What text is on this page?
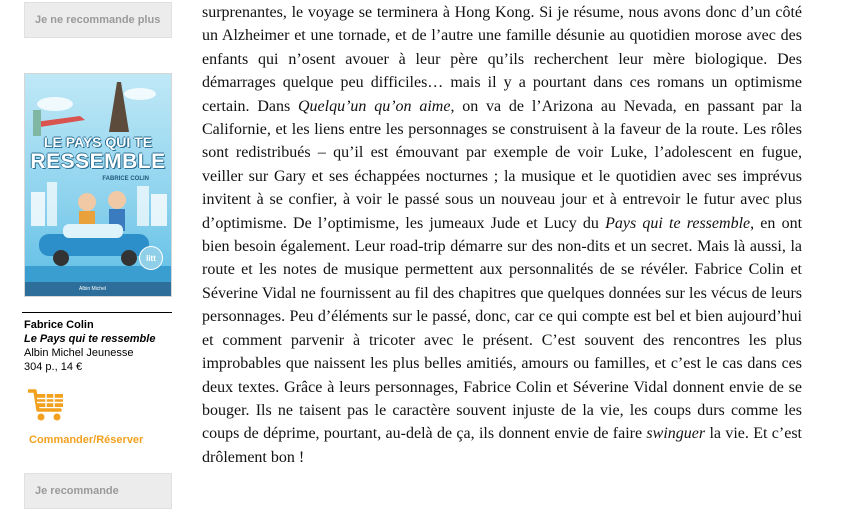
Je ne recommande plus
LE PAYS QUI TE
RESSEMBLE
FABRICE COLIN
litt
Albin Michel
Fabrice Colin
Le Pays qui te ressemble
Albin Michel Jeunesse
304 p., 14 €
Commander/Réserver
Je recommande

surprenantes, le voyage se terminera à Hong Kong. Si je résume, nous avons donc d’un côté un Alzheimer et une tornade, et de l’autre une famille désunie au quotidien morose avec des enfants qui n’osent avouer à leur père qu’ils recherchent leur mère biologique. Des démarrages quelque peu difficiles… mais il y a pourtant dans ces romans un optimisme certain. Dans Quelqu’un qu’on aime, on va de l’Arizona au Nevada, en passant par la Californie, et les liens entre les personnages se construisent à la faveur de la route. Les rôles sont redistribués – qu’il est émouvant par exemple de voir Luke, l’adolescent en fugue, veiller sur Gary et ses échappées nocturnes ; la musique et le quotidien avec ses imprévus invitent à se confier, à voir le passé sous un nouveau jour et à entrevoir le futur avec plus d’optimisme. De l’optimisme, les jumeaux Jude et Lucy du Pays qui te ressemble, en ont bien besoin également. Leur road-trip démarre sur des non-dits et un secret. Mais là aussi, la route et les notes de musique permettent aux personnalités de se révéler. Fabrice Colin et Séverine Vidal ne fournissent au fil des chapitres que quelques données sur les vécus de leurs personnages. Peu d’éléments sur le passé, donc, car ce qui compte est bel et bien aujourd’hui et comment parvenir à tricoter avec le présent. C’est souvent des rencontres les plus improbables que naissent les plus belles amitiés, amours ou familles, et c’est le cas dans ces deux textes. Grâce à leurs personnages, Fabrice Colin et Séverine Vidal donnent envie de se bouger. Ils ne taisent pas le caractère souvent injuste de la vie, les coups durs comme les coups de déprime, pourtant, au-delà de ça, ils donnent envie de faire swinguer la vie. Et c’est drôlement bon !
